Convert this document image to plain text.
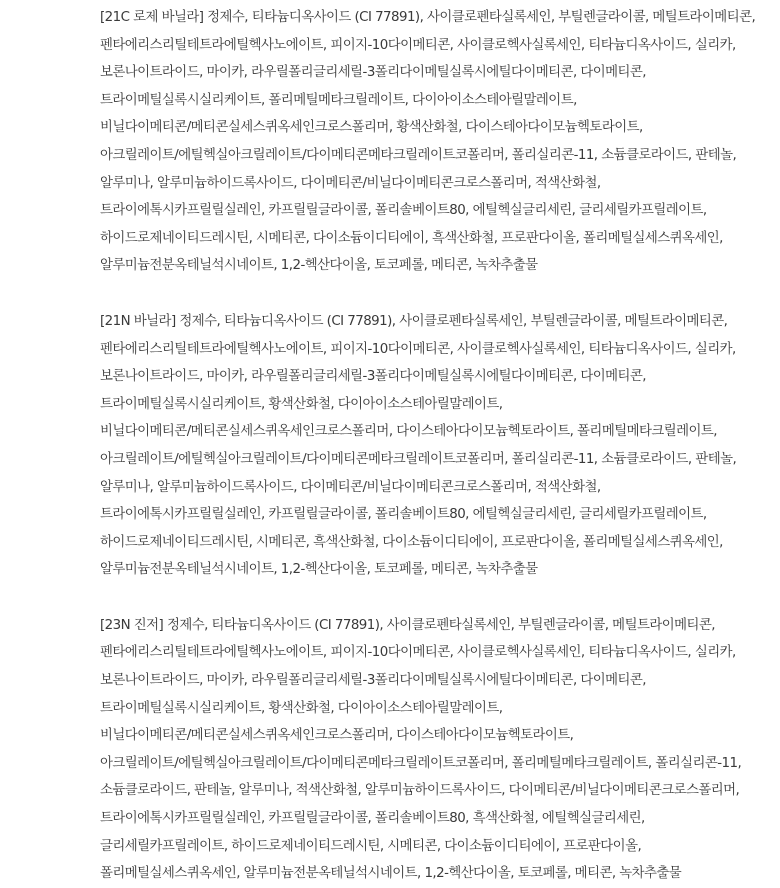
[21C 로제 바닐라] 정제수, 티타늄디옥사이드 (CI 77891), 사이클로펜타실록세인, 부틸렌글라이콜, 메틸트라이메티콘,
펜타에리스리틸테트라에틸헥사노에이트, 피이지-10다이메티콘, 사이클로헥사실록세인, 티타늄디옥사이드, 실리카,
보론나이트라이드, 마이카, 라우릴폴리글리세릴-3폴리다이메틸실록시에틸다이메티콘, 다이메티콘,
트라이메틸실록시실리케이트, 폴리메틸메타크릴레이트, 다이아이소스테아릴말레이트,
비닐다이메티콘/메티콘실세스퀴옥세인크로스폴리머, 황색산화철, 다이스테아다이모늄헥토라이트,
아크릴레이트/에틸헥실아크릴레이트/다이메티콘메타크릴레이트코폴리머, 폴리실리콘-11, 소듐클로라이드, 판테놀,
알루미나, 알루미늄하이드록사이드, 다이메티콘/비닐다이메티콘크로스폴리머, 적색산화철,
트라이에톡시카프릴릴실레인, 카프릴릴글라이콜, 폴리솔베이트80, 에틸헥실글리세린, 글리세릴카프릴레이트,
하이드로제네이티드레시틴, 시메티콘, 다이소듐이디티에이, 흑색산화철, 프로판다이올, 폴리메틸실세스퀴옥세인,
알루미늄전분옥테닐석시네이트, 1,2-헥산다이올, 토코페롤, 메티콘, 녹차추출물
[21N 바닐라] 정제수, 티타늄디옥사이드 (CI 77891), 사이클로펜타실록세인, 부틸렌글라이콜, 메틸트라이메티콘,
펜타에리스리틸테트라에틸헥사노에이트, 피이지-10다이메티콘, 사이클로헥사실록세인, 티타늄디옥사이드, 실리카,
보론나이트라이드, 마이카, 라우릴폴리글리세릴-3폴리다이메틸실록시에틸다이메티콘, 다이메티콘,
트라이메틸실록시실리케이트, 황색산화철, 다이아이소스테아릴말레이트,
비닐다이메티콘/메티콘실세스퀴옥세인크로스폴리머, 다이스테아다이모늄헥토라이트, 폴리메틸메타크릴레이트,
아크릴레이트/에틸헥실아크릴레이트/다이메티콘메타크릴레이트코폴리머, 폴리실리콘-11, 소듐클로라이드, 판테놀,
알루미나, 알루미늄하이드록사이드, 다이메티콘/비닐다이메티콘크로스폴리머, 적색산화철,
트라이에톡시카프릴릴실레인, 카프릴릴글라이콜, 폴리솔베이트80, 에틸헥실글리세린, 글리세릴카프릴레이트,
하이드로제네이티드레시틴, 시메티콘, 흑색산화철, 다이소듐이디티에이, 프로판다이올, 폴리메틸실세스퀴옥세인,
알루미늄전분옥테닐석시네이트, 1,2-헥산다이올, 토코페롤, 메티콘, 녹차추출물
[23N 진저] 정제수, 티타늄디옥사이드 (CI 77891), 사이클로펜타실록세인, 부틸렌글라이콜, 메틸트라이메티콘,
펜타에리스리틸테트라에틸헥사노에이트, 피이지-10다이메티콘, 사이클로헥사실록세인, 티타늄디옥사이드, 실리카,
보론나이트라이드, 마이카, 라우릴폴리글리세릴-3폴리다이메틸실록시에틸다이메티콘, 다이메티콘,
트라이메틸실록시실리케이트, 황색산화철, 다이아이소스테아릴말레이트,
비닐다이메티콘/메티콘실세스퀴옥세인크로스폴리머, 다이스테아다이모늄헥토라이트,
아크릴레이트/에틸헥실아크릴레이트/다이메티콘메타크릴레이트코폴리머, 폴리메틸메타크릴레이트, 폴리실리콘-11,
소듐클로라이드, 판테놀, 알루미나, 적색산화철, 알루미늄하이드록사이드, 다이메티콘/비닐다이메티콘크로스폴리머,
트라이에톡시카프릴릴실레인, 카프릴릴글라이콜, 폴리솔베이트80, 흑색산화철, 에틸헥실글리세린,
글리세릴카프릴레이트, 하이드로제네이티드레시틴, 시메티콘, 다이소듐이디티에이, 프로판다이올,
폴리메틸실세스퀴옥세인, 알루미늄전분옥테닐석시네이트, 1,2-헥산다이올, 토코페롤, 메티콘, 녹차추출물
